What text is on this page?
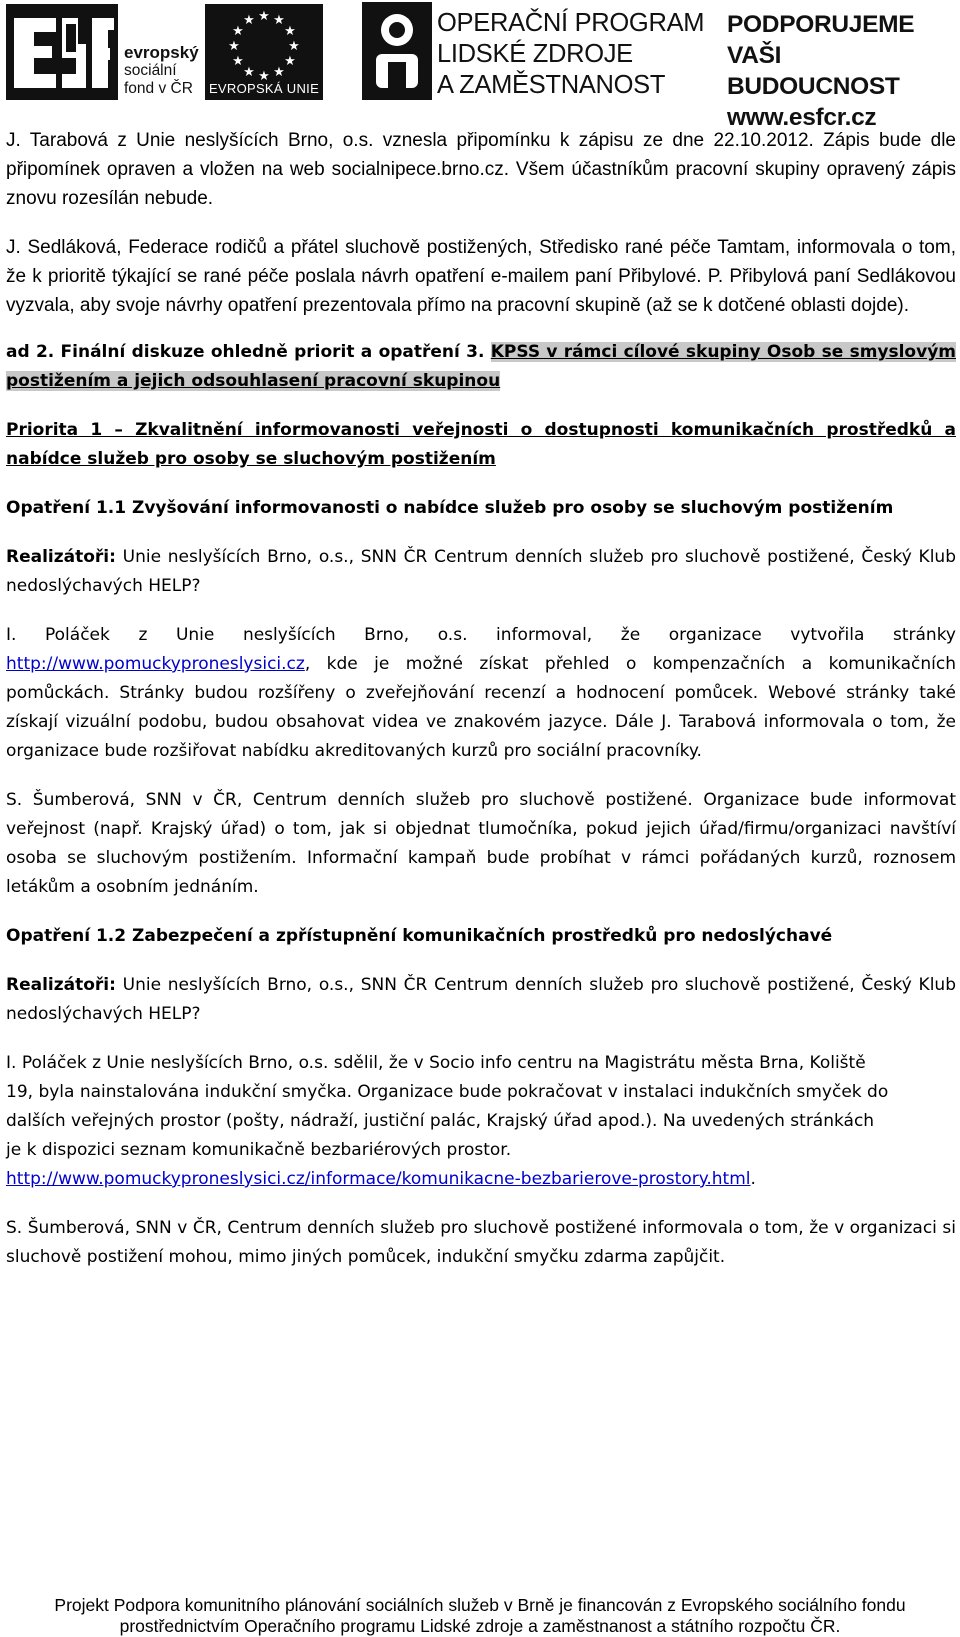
evropský
sociální
fond v ČR
★ ★
★
★
★
★
★
★
★
★
★
★
EVROPSKÁ UNIE
OPERAČNÍ PROGRAM
LIDSKÉ ZDROJE
A ZAMĚSTNANOST
PODPORUJEME
VAŠI BUDOUCNOST
www.esfcr.cz

J. Tarabová z Unie neslyšících Brno, o.s. vznesla připomínku k zápisu ze dne 22.10.2012. Zápis bude dle připomínek opraven a vložen na web socialnipece.brno.cz. Všem účastníkům pracovní skupiny opravený zápis znovu rozesílán nebude.

J. Sedláková, Federace rodičů a přátel sluchově postižených, Středisko rané péče Tamtam, informovala o tom, že k prioritě týkající se rané péče poslala návrh opatření e-mailem paní Přibylové. P. Přibylová paní Sedlákovou vyzvala, aby svoje návrhy opatření prezentovala přímo na pracovní skupině (až se k dotčené oblasti dojde).

ad 2. Finální diskuze ohledně priorit a opatření 3. KPSS v rámci cílové skupiny Osob se smyslovým postižením a jejich odsouhlasení pracovní skupinou

Priorita 1 – Zkvalitnění informovanosti veřejnosti o dostupnosti komunikačních prostředků a nabídce služeb pro osoby se sluchovým postižením

Opatření 1.1 Zvyšování informovanosti o nabídce služeb pro osoby se sluchovým postižením

Realizátoři: Unie neslyšících Brno, o.s., SNN ČR Centrum denních služeb pro sluchově postižené, Český Klub nedoslýchavých HELP?

I. Poláček z Unie neslyšících Brno, o.s. informoval, že organizace vytvořila stránky http://www.pomuckyproneslysici.cz, kde je možné získat přehled o kompenzačních a komunikačních pomůckách. Stránky budou rozšířeny o zveřejňování recenzí a hodnocení pomůcek. Webové stránky také získají vizuální podobu, budou obsahovat videa ve znakovém jazyce. Dále J. Tarabová informovala o tom, že organizace bude rozšiřovat nabídku akreditovaných kurzů pro sociální pracovníky.

S. Šumberová, SNN v ČR, Centrum denních služeb pro sluchově postižené. Organizace bude informovat veřejnost (např. Krajský úřad) o tom, jak si objednat tlumočníka, pokud jejich úřad/firmu/organizaci navštíví osoba se sluchovým postižením. Informační kampaň bude probíhat v rámci pořádaných kurzů, roznosem letákům a osobním jednáním.

Opatření 1.2 Zabezpečení a zpřístupnění komunikačních prostředků pro nedoslýchavé

Realizátoři: Unie neslyšících Brno, o.s., SNN ČR Centrum denních služeb pro sluchově postižené, Český Klub nedoslýchavých HELP?

I. Poláček z Unie neslyšících Brno, o.s. sdělil, že v Socio info centru na Magistrátu města Brna, Koliště
19, byla nainstalována indukční smyčka. Organizace bude pokračovat v instalaci indukčních smyček do
dalších veřejných prostor (pošty, nádraží, justiční palác, Krajský úřad apod.). Na uvedených stránkách
je k dispozici seznam komunikačně bezbariérových prostor.
http://www.pomuckyproneslysici.cz/informace/komunikacne-bezbarierove-prostory.html.

S. Šumberová, SNN v ČR, Centrum denních služeb pro sluchově postižené informovala o tom, že v organizaci si sluchově postižení mohou, mimo jiných pomůcek, indukční smyčku zdarma zapůjčit.

Projekt Podpora komunitního plánování sociálních služeb v Brně je financován z Evropského sociálního fondu
prostřednictvím Operačního programu Lidské zdroje a zaměstnanost a státního rozpočtu ČR.
